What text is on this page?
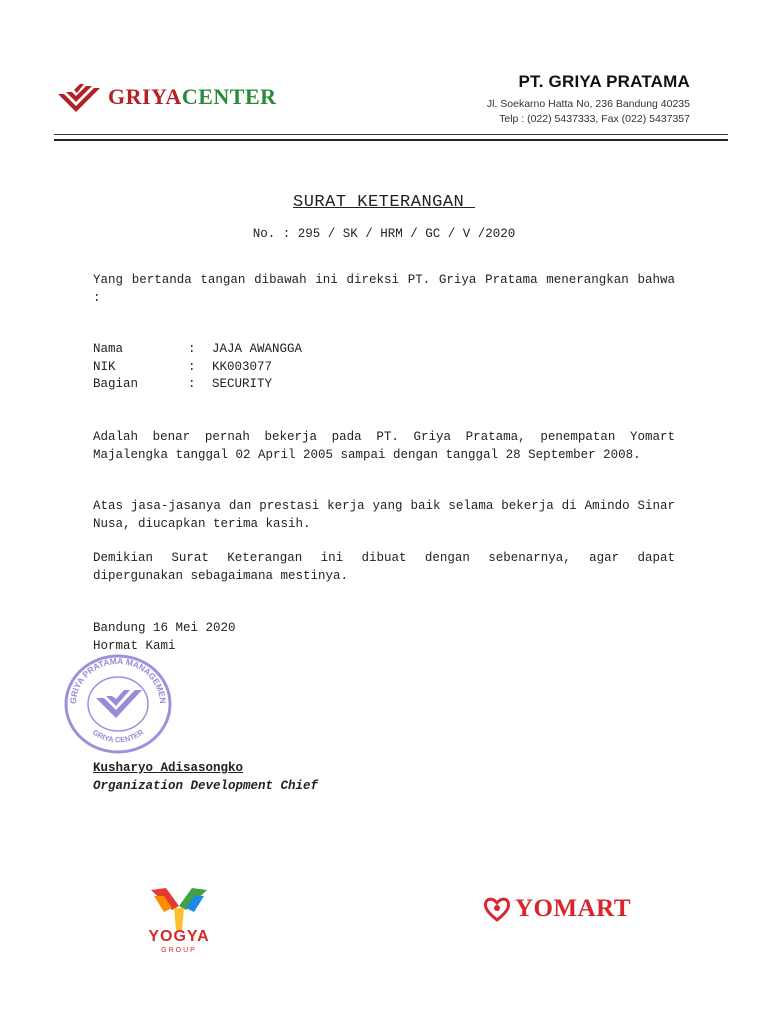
GRIYACENTER
PT. GRIYA PRATAMA
Jl. Soekarno Hatta No, 236 Bandung 40235
Telp : (022) 5437333, Fax (022) 5437357
SURAT KETERANGAN
No. : 295 / SK / HRM / GC / V /2020
Yang bertanda tangan dibawah ini direksi PT. Griya Pratama menerangkan bahwa :
Nama	:	JAJA AWANGGA
NIK	:	KK003077
Bagian	:	SECURITY
Adalah benar pernah bekerja pada PT. Griya Pratama, penempatan Yomart Majalengka tanggal 02 April 2005 sampai dengan tanggal 28 September 2008.
Atas jasa-jasanya dan prestasi kerja yang baik selama bekerja di Amindo Sinar Nusa, diucapkan terima kasih.
Demikian Surat Keterangan ini dibuat dengan sebenarnya, agar dapat dipergunakan sebagaimana mestinya.
Bandung 16 Mei 2020
Hormat Kami
GRIYA PRATAMA MANAGEMEN
GRIYA CENTER
Kusharyo Adisasongko
Organization Development Chief
YOGYA
GROUP
YOMART
